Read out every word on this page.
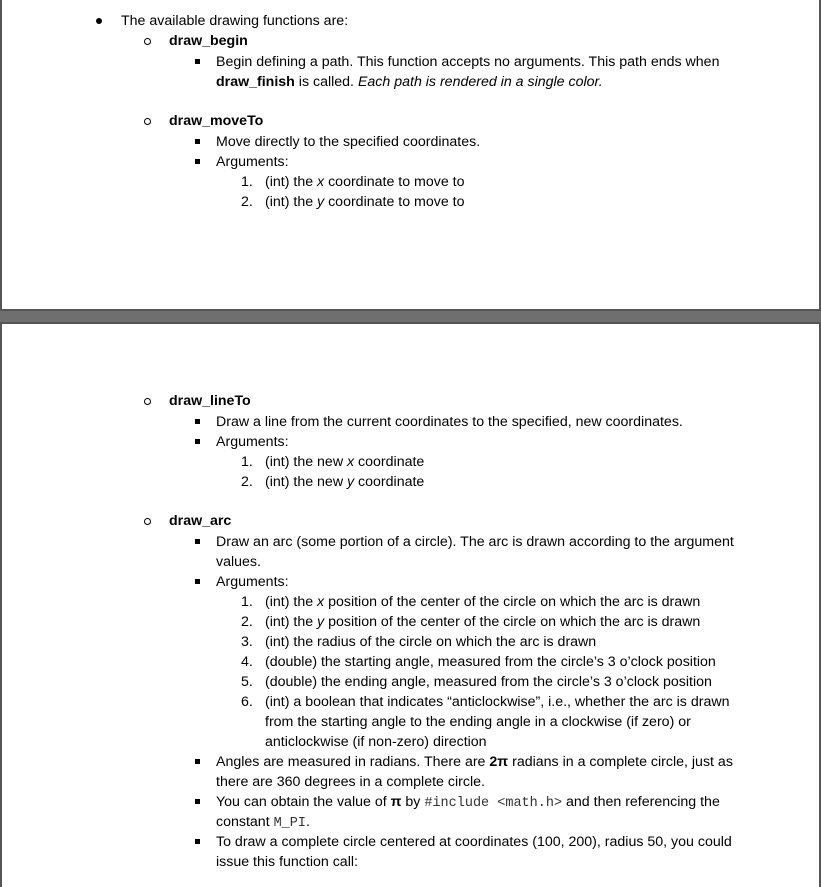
The available drawing functions are:
draw_begin
Begin defining a path. This function accepts no arguments. This path ends when
draw_finish is called. Each path is rendered in a single color.
draw_moveTo
Move directly to the specified coordinates.
Arguments:
1. (int) the x coordinate to move to
2. (int) the y coordinate to move to
draw_lineTo
Draw a line from the current coordinates to the specified, new coordinates.
Arguments:
1. (int) the new x coordinate
2. (int) the new y coordinate
draw_arc
Draw an arc (some portion of a circle). The arc is drawn according to the argument
values.
Arguments:
1. (int) the x position of the center of the circle on which the arc is drawn
2. (int) the y position of the center of the circle on which the arc is drawn
3. (int) the radius of the circle on which the arc is drawn
4. (double) the starting angle, measured from the circle’s 3 o’clock position
5. (double) the ending angle, measured from the circle’s 3 o’clock position
6. (int) a boolean that indicates “anticlockwise”, i.e., whether the arc is drawn
from the starting angle to the ending angle in a clockwise (if zero) or
anticlockwise (if non-zero) direction
Angles are measured in radians. There are 2π radians in a complete circle, just as
there are 360 degrees in a complete circle.
You can obtain the value of π by #include <math.h> and then referencing the
constant M_PI.
To draw a complete circle centered at coordinates (100, 200), radius 50, you could
issue this function call:
